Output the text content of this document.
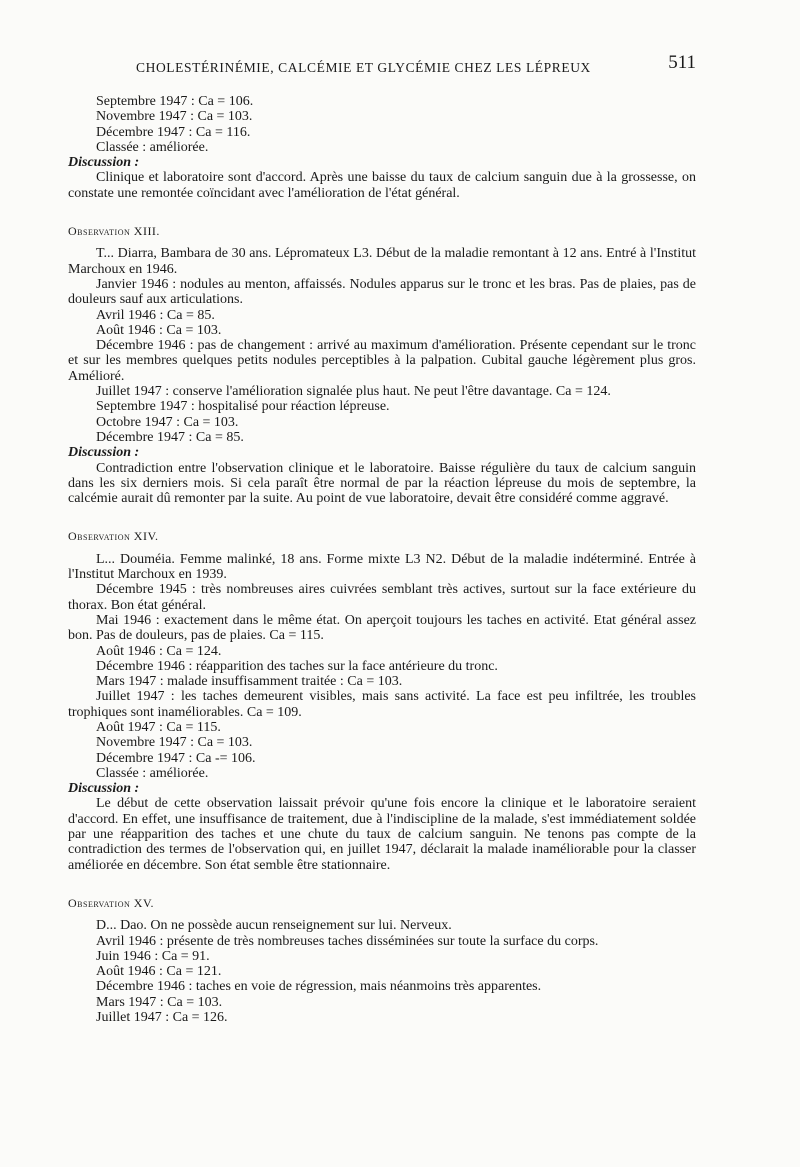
CHOLESTÉRINÉMIE, CALCÉMIE ET GLYCÉMIE CHEZ LES LÉPREUX	511

Septembre 1947 : Ca = 106.

Novembre 1947 : Ca = 103.

Décembre 1947 : Ca = 116.

Classée : améliorée.

Discussion :

Clinique et laboratoire sont d'accord. Après une baisse du taux de calcium sanguin due à la grossesse, on constate une remontée coïncidant avec l'amélioration de l'état général.

Observation XIII.

T... Diarra, Bambara de 30 ans. Lépromateux L3. Début de la maladie remontant à 12 ans. Entré à l'Institut Marchoux en 1946.

Janvier 1946 : nodules au menton, affaissés. Nodules apparus sur le tronc et les bras. Pas de plaies, pas de douleurs sauf aux articulations.

Avril 1946 : Ca = 85.

Août 1946 : Ca = 103.

Décembre 1946 : pas de changement : arrivé au maximum d'amélioration. Présente cependant sur le tronc et sur les membres quelques petits nodules perceptibles à la palpation. Cubital gauche légèrement plus gros. Amélioré.

Juillet 1947 : conserve l'amélioration signalée plus haut. Ne peut l'être davantage. Ca = 124.

Septembre 1947 : hospitalisé pour réaction lépreuse.

Octobre 1947 : Ca = 103.

Décembre 1947 : Ca = 85.

Discussion :

Contradiction entre l'observation clinique et le laboratoire. Baisse régulière du taux de calcium sanguin dans les six derniers mois. Si cela paraît être normal de par la réaction lépreuse du mois de septembre, la calcémie aurait dû remonter par la suite. Au point de vue laboratoire, devait être considéré comme aggravé.

Observation XIV.

L... Douméia. Femme malinké, 18 ans. Forme mixte L3 N2. Début de la maladie indéterminé. Entrée à l'Institut Marchoux en 1939.

Décembre 1945 : très nombreuses aires cuivrées semblant très actives, surtout sur la face extérieure du thorax. Bon état général.

Mai 1946 : exactement dans le même état. On aperçoit toujours les taches en activité. Etat général assez bon. Pas de douleurs, pas de plaies. Ca = 115.

Août 1946 : Ca = 124.

Décembre 1946 : réapparition des taches sur la face antérieure du tronc.

Mars 1947 : malade insuffisamment traitée : Ca = 103.

Juillet 1947 : les taches demeurent visibles, mais sans activité. La face est peu infiltrée, les troubles trophiques sont inaméliorables. Ca = 109.

Août 1947 : Ca = 115.

Novembre 1947 : Ca = 103.

Décembre 1947 : Ca -= 106.

Classée : améliorée.

Discussion :

Le début de cette observation laissait prévoir qu'une fois encore la clinique et le laboratoire seraient d'accord. En effet, une insuffisance de traitement, due à l'indiscipline de la malade, s'est immédiatement soldée par une réapparition des taches et une chute du taux de calcium sanguin. Ne tenons pas compte de la contradiction des termes de l'observation qui, en juillet 1947, déclarait la malade inaméliorable pour la classer améliorée en décembre. Son état semble être stationnaire.

Observation XV.

D... Dao. On ne possède aucun renseignement sur lui. Nerveux.

Avril 1946 : présente de très nombreuses taches disséminées sur toute la surface du corps.

Juin 1946 : Ca = 91.

Août 1946 : Ca = 121.

Décembre 1946 : taches en voie de régression, mais néanmoins très apparentes.

Mars 1947 : Ca = 103.

Juillet 1947 : Ca = 126.
